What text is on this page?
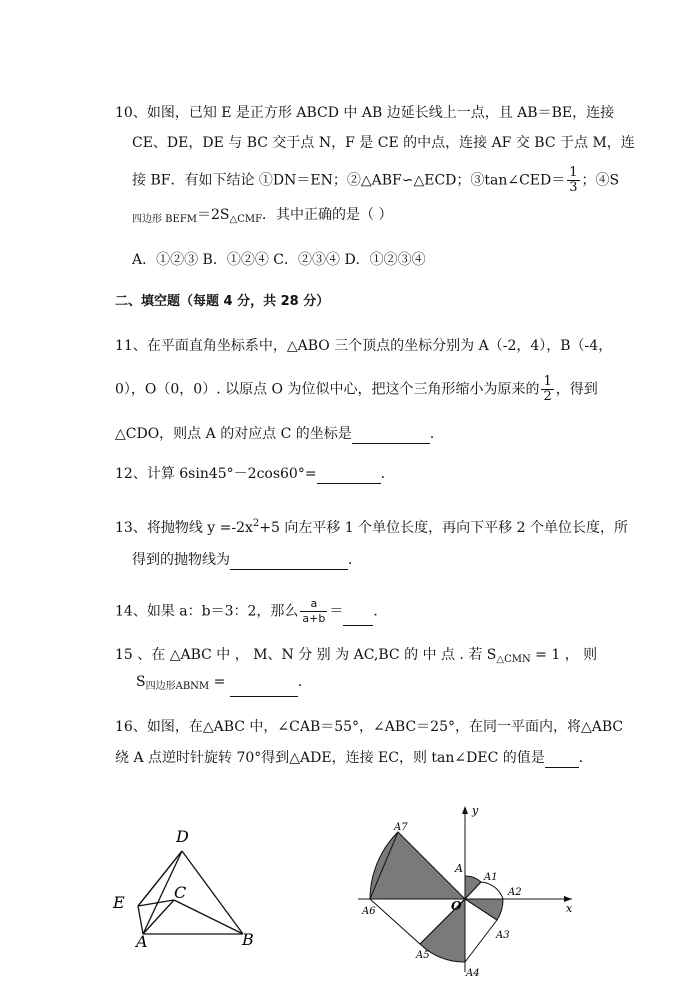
10、如图，已知 E 是正方形 ABCD 中 AB 边延长线上一点，且 AB＝BE，连接
CE、DE，DE 与 BC 交于点 N，F 是 CE 的中点，连接 AF 交 BC 于点 M，连
接 BF．有如下结论 ①DN＝EN；②△ABF∽△ECD；③tan∠CED＝ $\frac{1}{3}$ ；④S
$_{四边形 BEFM}=2S_{\triangle CMF}$．其中正确的是（ ）
A．①②③ B．①②④ C．②③④ D．①②③④
二、填空题（每题 4 分，共 28 分）
11、在平面直角坐标系中，△ABO 三个顶点的坐标分别为 A（-2，4），B（-4，
0），O（0，0）. 以原点 O 为位似中心，把这个三角形缩小为原来的 $\frac{1}{2}$ ，得到
△CDO，则点 A 的对应点 C 的坐标是	．
12、计算 6sin45°－2cos60°=	．
13、将抛物线 $y =-2x^2+5$ 向左平移 1 个单位长度，再向下平移 2 个单位长度，所
得到的抛物线为	．
14、如果 a：b＝3：2，那么 $\frac{a}{a+b}$ ＝ ．
15 、在 △ABC 中 ， M、N 分 别 为 AC,BC 的 中 点 . 若 $S_{\triangle CMN} = 1$ ， 则
$S_{四边形ABNM}$ =	．
16、如图，在△ABC 中，∠CAB＝55°，∠ABC＝25°，在同一平面内，将△ABC
绕 A 点逆时针旋转 70°得到△ADE，连接 EC，则 tan∠DEC 的值是 ．
D
C
E
A	B
y
A
A1
A2
O	x
A3
A4
A5
A6
A7
